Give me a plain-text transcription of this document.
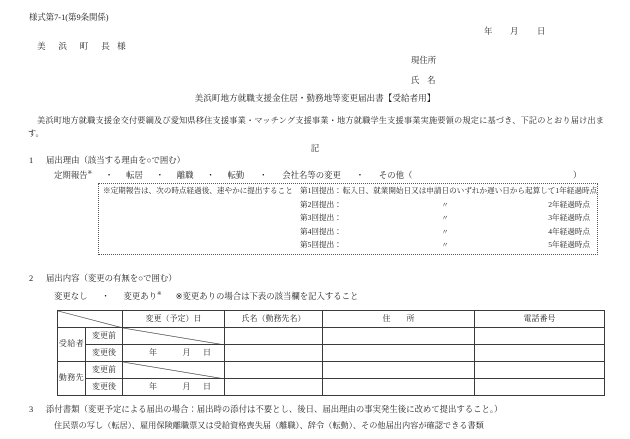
様式第7-1(第9条関係)
年 月 日
美 浜 町 長 様
現住所
氏 名
美浜町地方就職支援金住居・勤務地等変更届出書【受給者用】
美浜町地方就職支援金交付要綱及び愛知県移住支援事業・マッチング支援事業・地方就職学生支援事業実施要領の規定に基づき、下記のとおり届け出ます。
記
1 届出理由（該当する理由を○で囲む）
定期報告※ ・ 転居 ・ 離職 ・ 転勤 ・ 会社名等の変更 ・ その他（	）
※定期報告は、次の時点経過後、速やかに提出すること 第1回提出： 転入日、就業開始日又は申請日のいずれか遅い日から起算して1年経過時点
第2回提出：	〃	2年経過時点
第3回提出：	〃	3年経過時点
第4回提出：	〃	4年経過時点
第5回提出：	〃	5年経過時点
2 届出内容（変更の有無を○で囲む）
変更なし ・ 変更あり※ ※変更ありの場合は下表の該当欄を記入すること
	変更（予定）日	氏名（勤務先名）	住　　所	電話番号
受給者	変更前	

	変更後	年 月 日			
勤務先	変更前	

	変更後	年 月 日			
3 添付書類（変更予定による届出の場合：届出時の添付は不要とし、後日、届出理由の事実発生後に改めて提出すること。）
住民票の写し（転居）、雇用保険離職票又は受給資格喪失届（離職）、辞令（転勤）、その他届出内容が確認できる書類
